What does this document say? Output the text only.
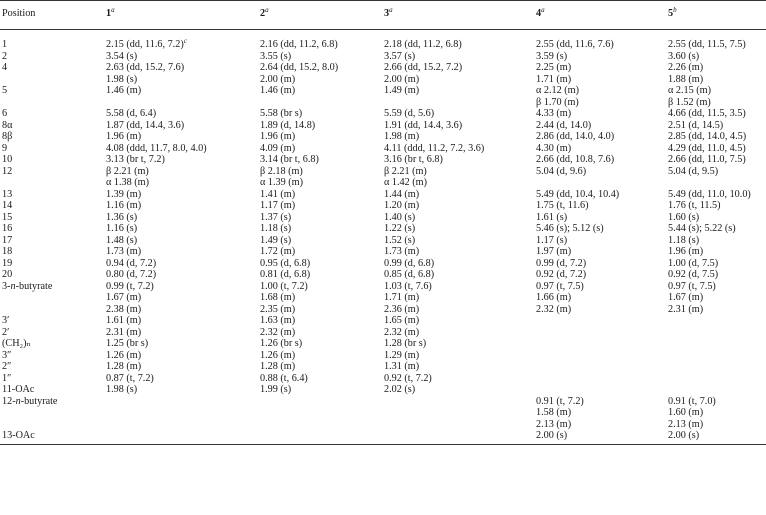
Position	1$^a$	2$^a$	3$^a$	4$^a$	5$^b$

1	2.15 (dd, 11.6, 7.2)$^c$	2.16 (dd, 11.2, 6.8)	2.18 (dd, 11.2, 6.8)	2.55 (dd, 11.6, 7.6)	2.55 (dd, 11.5, 7.5)
2	3.54 (s)	3.55 (s)	3.57 (s)	3.59 (s)	3.60 (s)
4	2.63 (dd, 15.2, 7.6)	2.64 (dd, 15.2, 8.0)	2.66 (dd, 15.2, 7.2)	2.25 (m)	2.26 (m)
	1.98 (s)	2.00 (m)	2.00 (m)	1.71 (m)	1.88 (m)
5	1.46 (m)	1.46 (m)	1.49 (m)	α 2.12 (m)	α 2.15 (m)
				β 1.70 (m)	β 1.52 (m)
6	5.58 (d, 6.4)	5.58 (br s)	5.59 (d, 5.6)	4.33 (m)	4.66 (dd, 11.5, 3.5)
8α	1.87 (dd, 14.4, 3.6)	1.89 (d, 14.8)	1.91 (dd, 14.4, 3.6)	2.44 (d, 14.0)	2.51 (d, 14.5)
8β	1.96 (m)	1.96 (m)	1.98 (m)	2.86 (dd, 14.0, 4.0)	2.85 (dd, 14.0, 4.5)
9	4.08 (ddd, 11.7, 8.0, 4.0)	4.09 (m)	4.11 (ddd, 11.2, 7.2, 3.6)	4.30 (m)	4.29 (dd, 11.0, 4.5)
10	3.13 (br t, 7.2)	3.14 (br t, 6.8)	3.16 (br t, 6.8)	2.66 (dd, 10.8, 7.6)	2.66 (dd, 11.0, 7.5)
12	β 2.21 (m)	β 2.18 (m)	β 2.21 (m)	5.04 (d, 9.6)	5.04 (d, 9.5)
	α 1.38 (m)	α 1.39 (m)	α 1.42 (m)		
13	1.39 (m)	1.41 (m)	1.44 (m)	5.49 (dd, 10.4, 10.4)	5.49 (dd, 11.0, 10.0)
14	1.16 (m)	1.17 (m)	1.20 (m)	1.75 (t, 11.6)	1.76 (t, 11.5)
15	1.36 (s)	1.37 (s)	1.40 (s)	1.61 (s)	1.60 (s)
16	1.16 (s)	1.18 (s)	1.22 (s)	5.46 (s); 5.12 (s)	5.44 (s); 5.22 (s)
17	1.48 (s)	1.49 (s)	1.52 (s)	1.17 (s)	1.18 (s)
18	1.73 (m)	1.72 (m)	1.73 (m)	1.97 (m)	1.96 (m)
19	0.94 (d, 7.2)	0.95 (d, 6.8)	0.99 (d, 6.8)	0.99 (d, 7.2)	1.00 (d, 7.5)
20	0.80 (d, 7.2)	0.81 (d, 6.8)	0.85 (d, 6.8)	0.92 (d, 7.2)	0.92 (d, 7.5)
3-n-butyrate	0.99 (t, 7.2)	1.00 (t, 7.2)	1.03 (t, 7.6)	0.97 (t, 7.5)	0.97 (t, 7.5)
	1.67 (m)	1.68 (m)	1.71 (m)	1.66 (m)	1.67 (m)
	2.38 (m)	2.35 (m)	2.36 (m)	2.32 (m)	2.31 (m)
3′	1.61 (m)	1.63 (m)	1.65 (m)		
2′	2.31 (m)	2.32 (m)	2.32 (m)		
(CH₂)ₙ	1.25 (br s)	1.26 (br s)	1.28 (br s)		
3″	1.26 (m)	1.26 (m)	1.29 (m)		
2″	1.28 (m)	1.28 (m)	1.31 (m)		
1″	0.87 (t, 7.2)	0.88 (t, 6.4)	0.92 (t, 7.2)		
11-OAc	1.98 (s)	1.99 (s)	2.02 (s)		
12-n-butyrate				0.91 (t, 7.2)	0.91 (t, 7.0)
				1.58 (m)	1.60 (m)
				2.13 (m)	2.13 (m)
13-OAc				2.00 (s)	2.00 (s)
